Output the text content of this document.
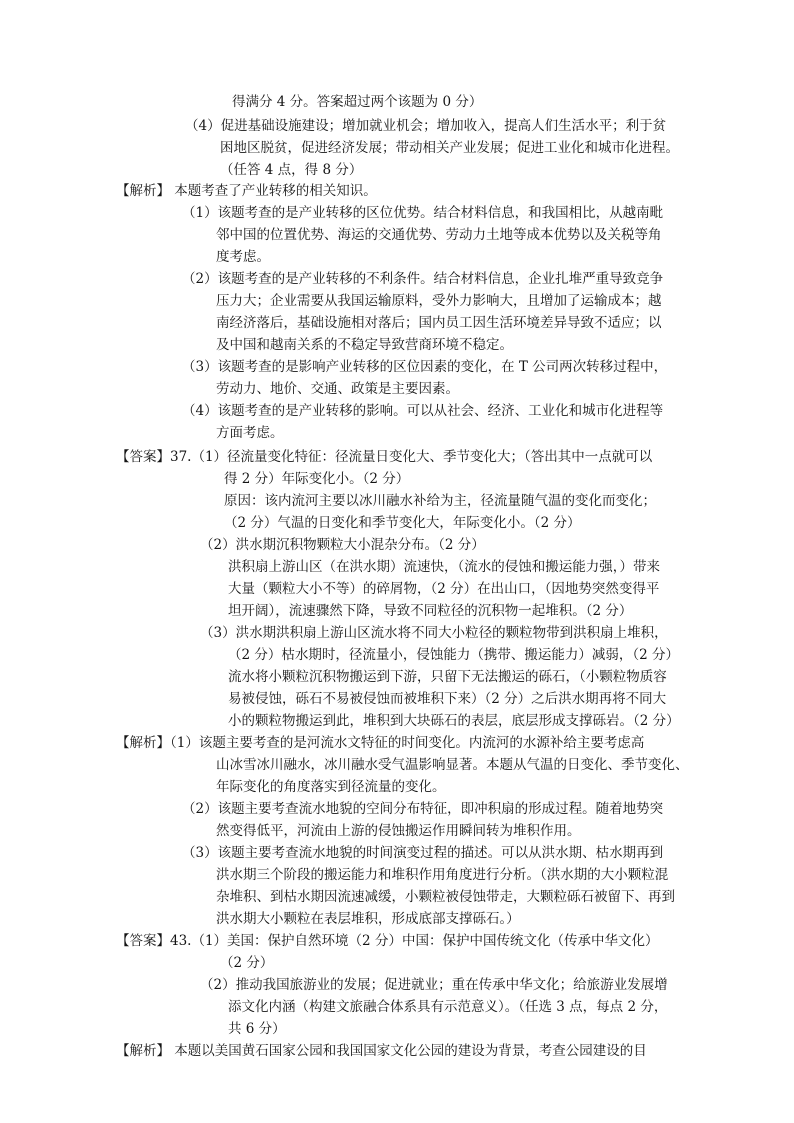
得满分 4 分。答案超过两个该题为 0 分）
（4）促进基础设施建设；增加就业机会；增加收入，提高人们生活水平；利于贫
困地区脱贫，促进经济发展；带动相关产业发展；促进工业化和城市化进程。
（任答 4 点，得 8 分）
【解析】 本题考查了产业转移的相关知识。
（1）该题考查的是产业转移的区位优势。结合材料信息，和我国相比，从越南毗
邻中国的位置优势、海运的交通优势、劳动力土地等成本优势以及关税等角
度考虑。
（2）该题考查的是产业转移的不利条件。结合材料信息，企业扎堆严重导致竞争
压力大；企业需要从我国运输原料，受外力影响大，且增加了运输成本；越
南经济落后，基础设施相对落后；国内员工因生活环境差异导致不适应；以
及中国和越南关系的不稳定导致营商环境不稳定。
（3）该题考查的是影响产业转移的区位因素的变化，在 T 公司两次转移过程中，
劳动力、地价、交通、政策是主要因素。
（4）该题考查的是产业转移的影响。可以从社会、经济、工业化和城市化进程等
方面考虑。
【答案】37.（1）径流量变化特征：径流量日变化大、季节变化大；（答出其中一点就可以
得 2 分）年际变化小。（2 分）
原因：该内流河主要以冰川融水补给为主，径流量随气温的变化而变化；
（2 分）气温的日变化和季节变化大，年际变化小。（2 分）
（2）洪水期沉积物颗粒大小混杂分布。（2 分）
洪积扇上游山区（在洪水期）流速快，（流水的侵蚀和搬运能力强，）带来
大量（颗粒大小不等）的碎屑物，（2 分）在出山口，（因地势突然变得平
坦开阔），流速骤然下降，导致不同粒径的沉积物一起堆积。（2 分）
（3）洪水期洪积扇上游山区流水将不同大小粒径的颗粒物带到洪积扇上堆积，
（2 分）枯水期时，径流量小，侵蚀能力（携带、搬运能力）减弱，（2 分）
流水将小颗粒沉积物搬运到下游，只留下无法搬运的砾石，（小颗粒物质容
易被侵蚀，砾石不易被侵蚀而被堆积下来）（2 分）之后洪水期再将不同大
小的颗粒物搬运到此，堆积到大块砾石的表层，底层形成支撑砾岩。（2 分）
【解析】（1）该题主要考查的是河流水文特征的时间变化。内流河的水源补给主要考虑高
山冰雪冰川融水，冰川融水受气温影响显著。本题从气温的日变化、季节变化、
年际变化的角度落实到径流量的变化。
（2）该题主要考查流水地貌的空间分布特征，即冲积扇的形成过程。随着地势突
然变得低平，河流由上游的侵蚀搬运作用瞬间转为堆积作用。
（3）该题主要考查流水地貌的时间演变过程的描述。可以从洪水期、枯水期再到
洪水期三个阶段的搬运能力和堆积作用角度进行分析。（洪水期的大小颗粒混
杂堆积、到枯水期因流速减缓，小颗粒被侵蚀带走，大颗粒砾石被留下、再到
洪水期大小颗粒在表层堆积，形成底部支撑砾石。）
【答案】43.（1）美国：保护自然环境（2 分）中国：保护中国传统文化（传承中华文化）
（2 分）
（2）推动我国旅游业的发展；促进就业；重在传承中华文化；给旅游业发展增
添文化内涵（构建文旅融合体系具有示范意义）。（任选 3 点，每点 2 分，
共 6 分）
【解析】 本题以美国黄石国家公园和我国国家文化公园的建设为背景，考查公园建设的目
